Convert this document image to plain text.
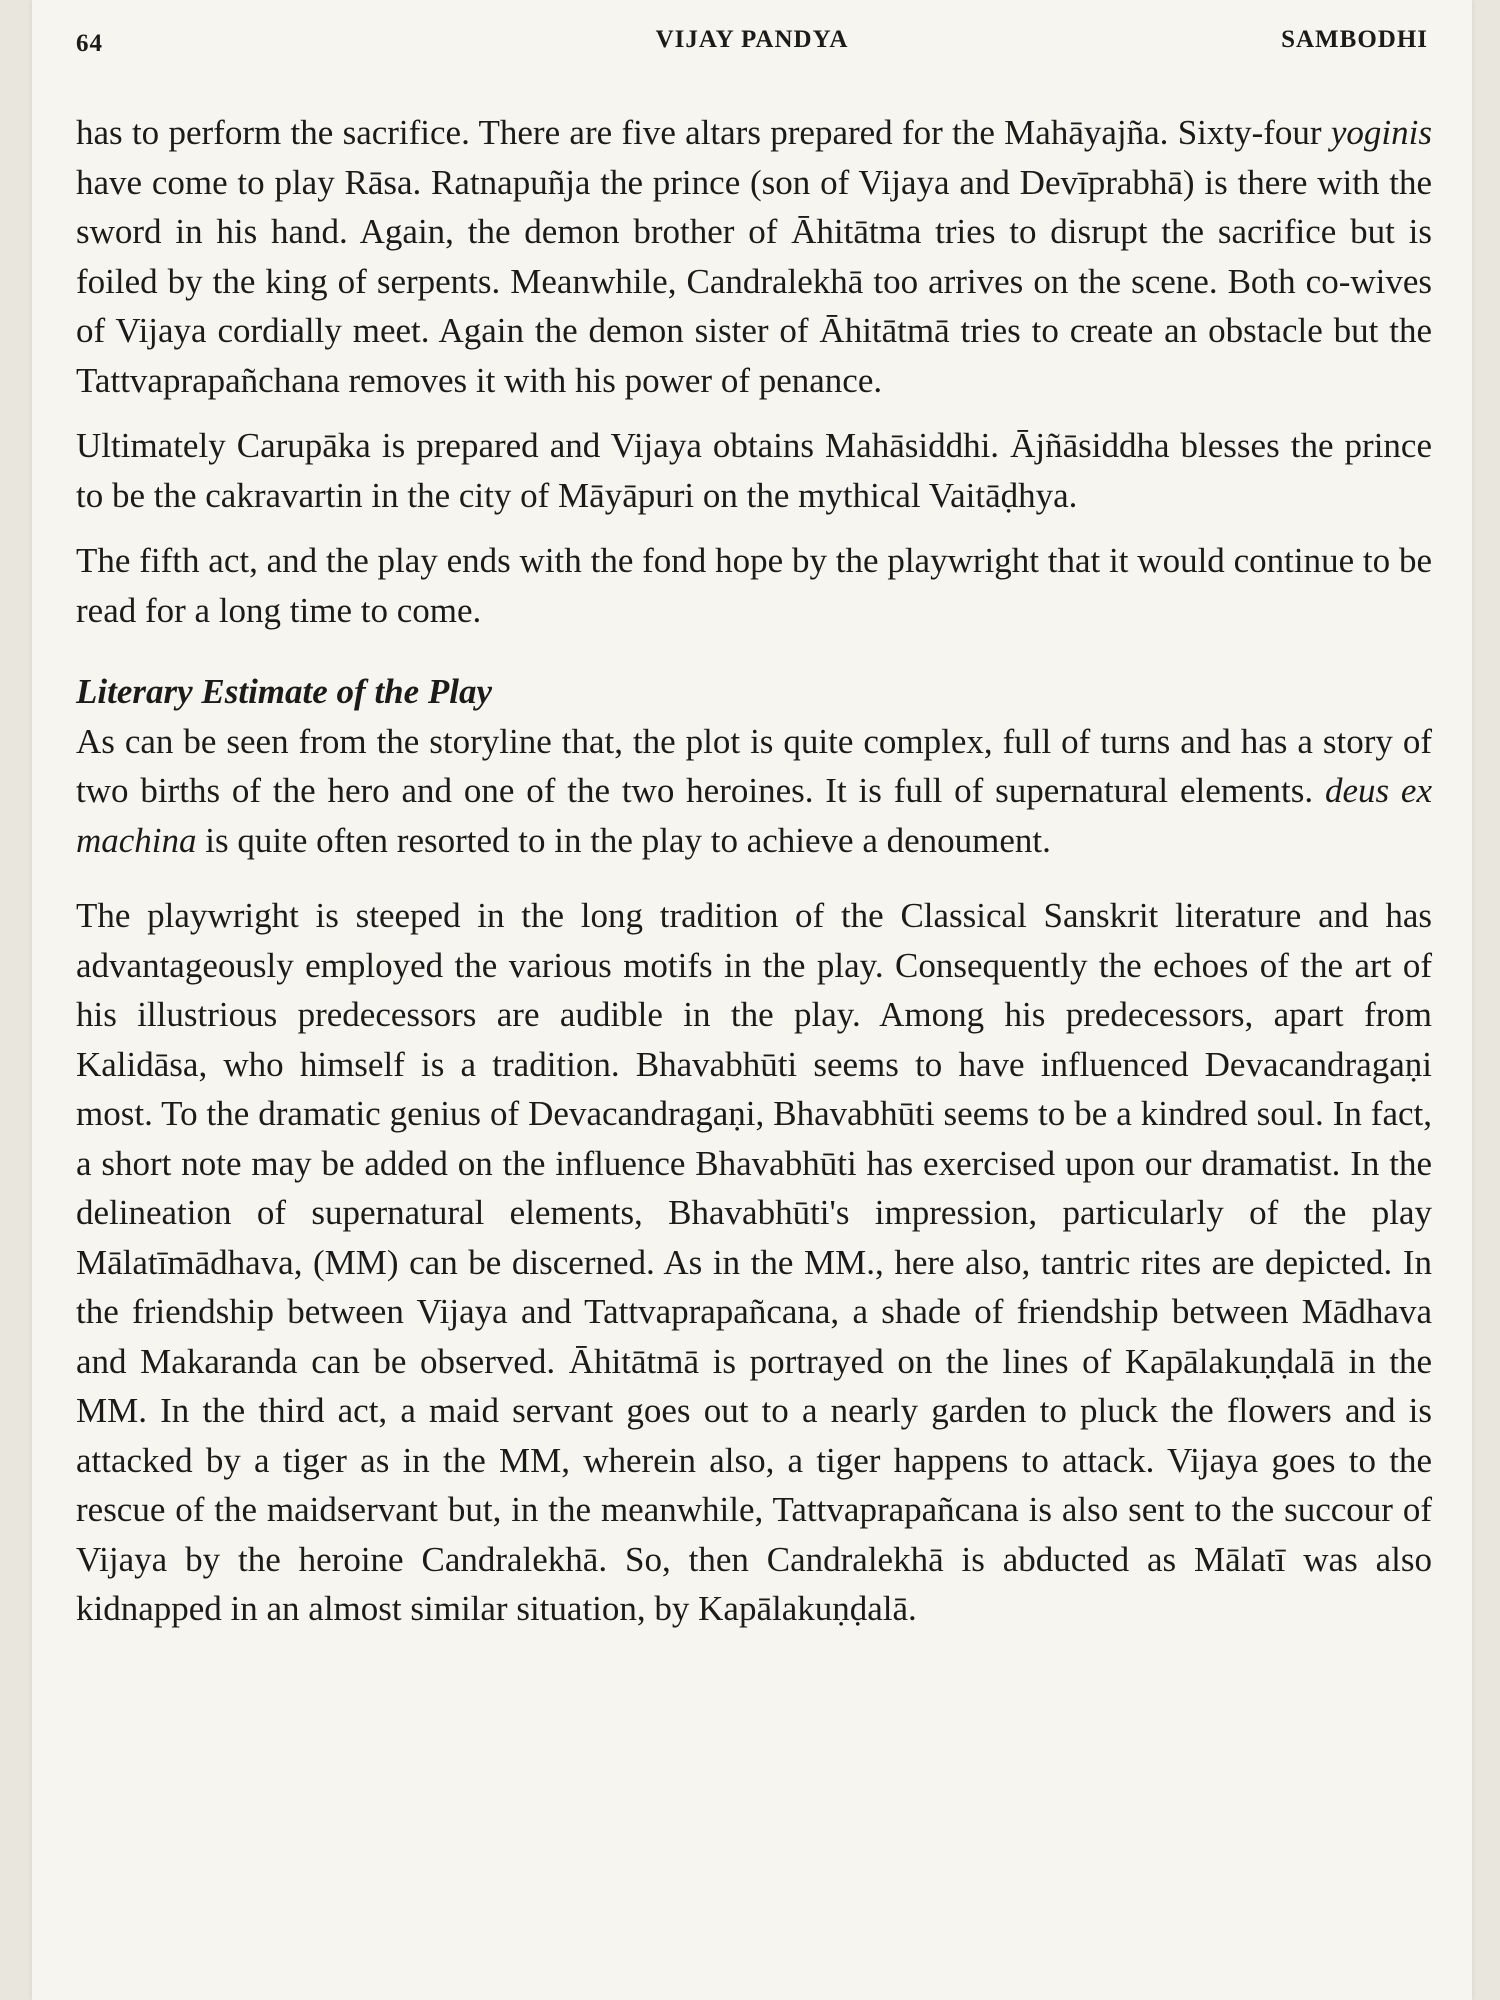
64	VIJAY PANDYA	SAMBODHI

has to perform the sacrifice. There are five altars prepared for the Mahāyajña. Sixty-four yoginis have come to play Rāsa. Ratnapuñja the prince (son of Vijaya and Devīprabhā) is there with the sword in his hand. Again, the demon brother of Āhitātma tries to disrupt the sacrifice but is foiled by the king of serpents. Meanwhile, Candralekhā too arrives on the scene. Both co-wives of Vijaya cordially meet. Again the demon sister of Āhitātmā tries to create an obstacle but the Tattvaprapañchana removes it with his power of penance.

Ultimately Carupāka is prepared and Vijaya obtains Mahāsiddhi. Ājñāsiddha blesses the prince to be the cakravartin in the city of Māyāpuri on the mythical Vaitāḍhya.

The fifth act, and the play ends with the fond hope by the playwright that it would continue to be read for a long time to come.

Literary Estimate of the Play

As can be seen from the storyline that, the plot is quite complex, full of turns and has a story of two births of the hero and one of the two heroines. It is full of supernatural elements. deus ex machina is quite often resorted to in the play to achieve a denoument.

The playwright is steeped in the long tradition of the Classical Sanskrit literature and has advantageously employed the various motifs in the play. Consequently the echoes of the art of his illustrious predecessors are audible in the play. Among his predecessors, apart from Kalidāsa, who himself is a tradition. Bhavabhūti seems to have influenced Devacandragaṇi most. To the dramatic genius of Devacandragaṇi, Bhavabhūti seems to be a kindred soul. In fact, a short note may be added on the influence Bhavabhūti has exercised upon our dramatist. In the delineation of supernatural elements, Bhavabhūti's impression, particularly of the play Mālatīmādhava, (MM) can be discerned. As in the MM., here also, tantric rites are depicted. In the friendship between Vijaya and Tattvaprapañcana, a shade of friendship between Mādhava and Makaranda can be observed. Āhitātmā is portrayed on the lines of Kapālakuṇḍalā in the MM. In the third act, a maid servant goes out to a nearly garden to pluck the flowers and is attacked by a tiger as in the MM, wherein also, a tiger happens to attack. Vijaya goes to the rescue of the maidservant but, in the meanwhile, Tattvaprapañcana is also sent to the succour of Vijaya by the heroine Candralekhā. So, then Candralekhā is abducted as Mālatī was also kidnapped in an almost similar situation, by Kapālakuṇḍalā.
